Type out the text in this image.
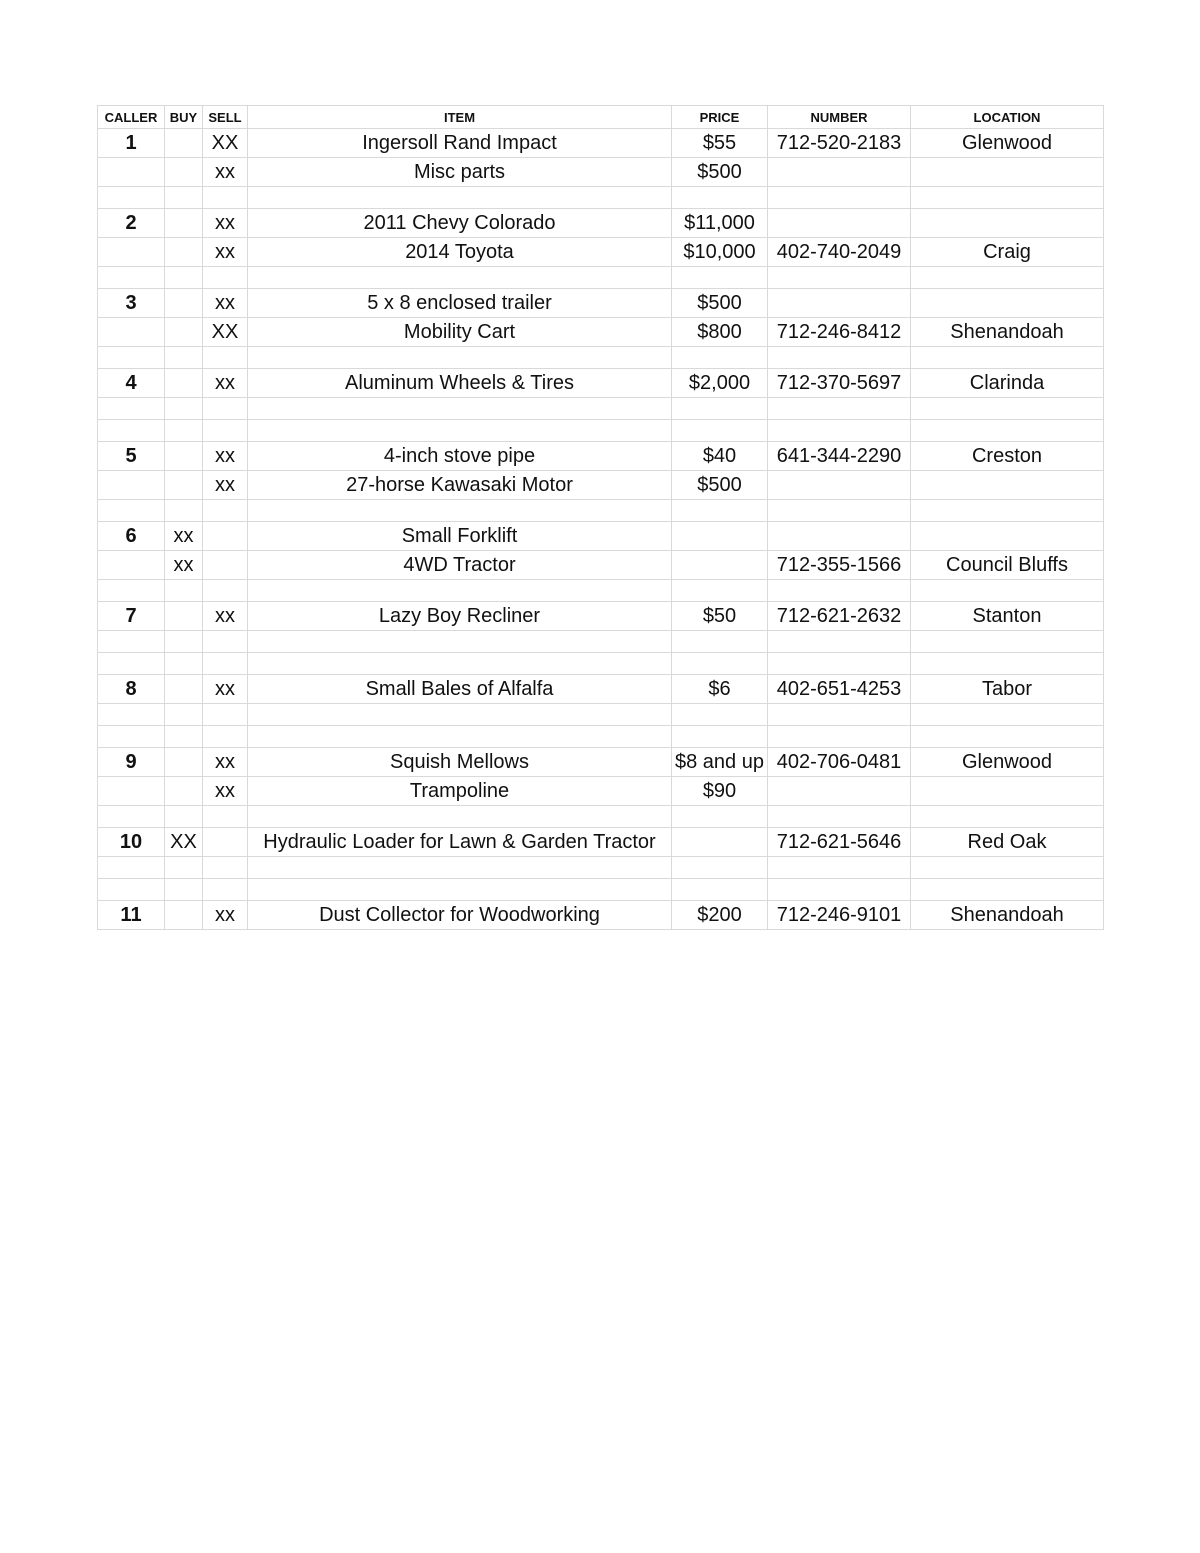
CALLER	BUY	SELL	ITEM	PRICE	NUMBER	LOCATION
1		XX	Ingersoll Rand Impact	$55	712-520-2183	Glenwood
		xx	Misc parts	$500		

2		xx	2011 Chevy Colorado	$11,000		
		xx	2014 Toyota	$10,000	402-740-2049	Craig

3		xx	5 x 8 enclosed trailer	$500		
		XX	Mobility Cart	$800	712-246-8412	Shenandoah

4		xx	Aluminum Wheels & Tires	$2,000	712-370-5697	Clarinda

5		xx	4-inch stove pipe	$40	641-344-2290	Creston
		xx	27-horse Kawasaki Motor	$500		

6	xx		Small Forklift			
	xx		4WD Tractor		712-355-1566	Council Bluffs

7		xx	Lazy Boy Recliner	$50	712-621-2632	Stanton

8		xx	Small Bales of Alfalfa	$6	402-651-4253	Tabor

9		xx	Squish Mellows	$8 and up	402-706-0481	Glenwood
		xx	Trampoline	$90		

10	XX		Hydraulic Loader for Lawn & Garden Tractor		712-621-5646	Red Oak

11		xx	Dust Collector for Woodworking	$200	712-246-9101	Shenandoah
